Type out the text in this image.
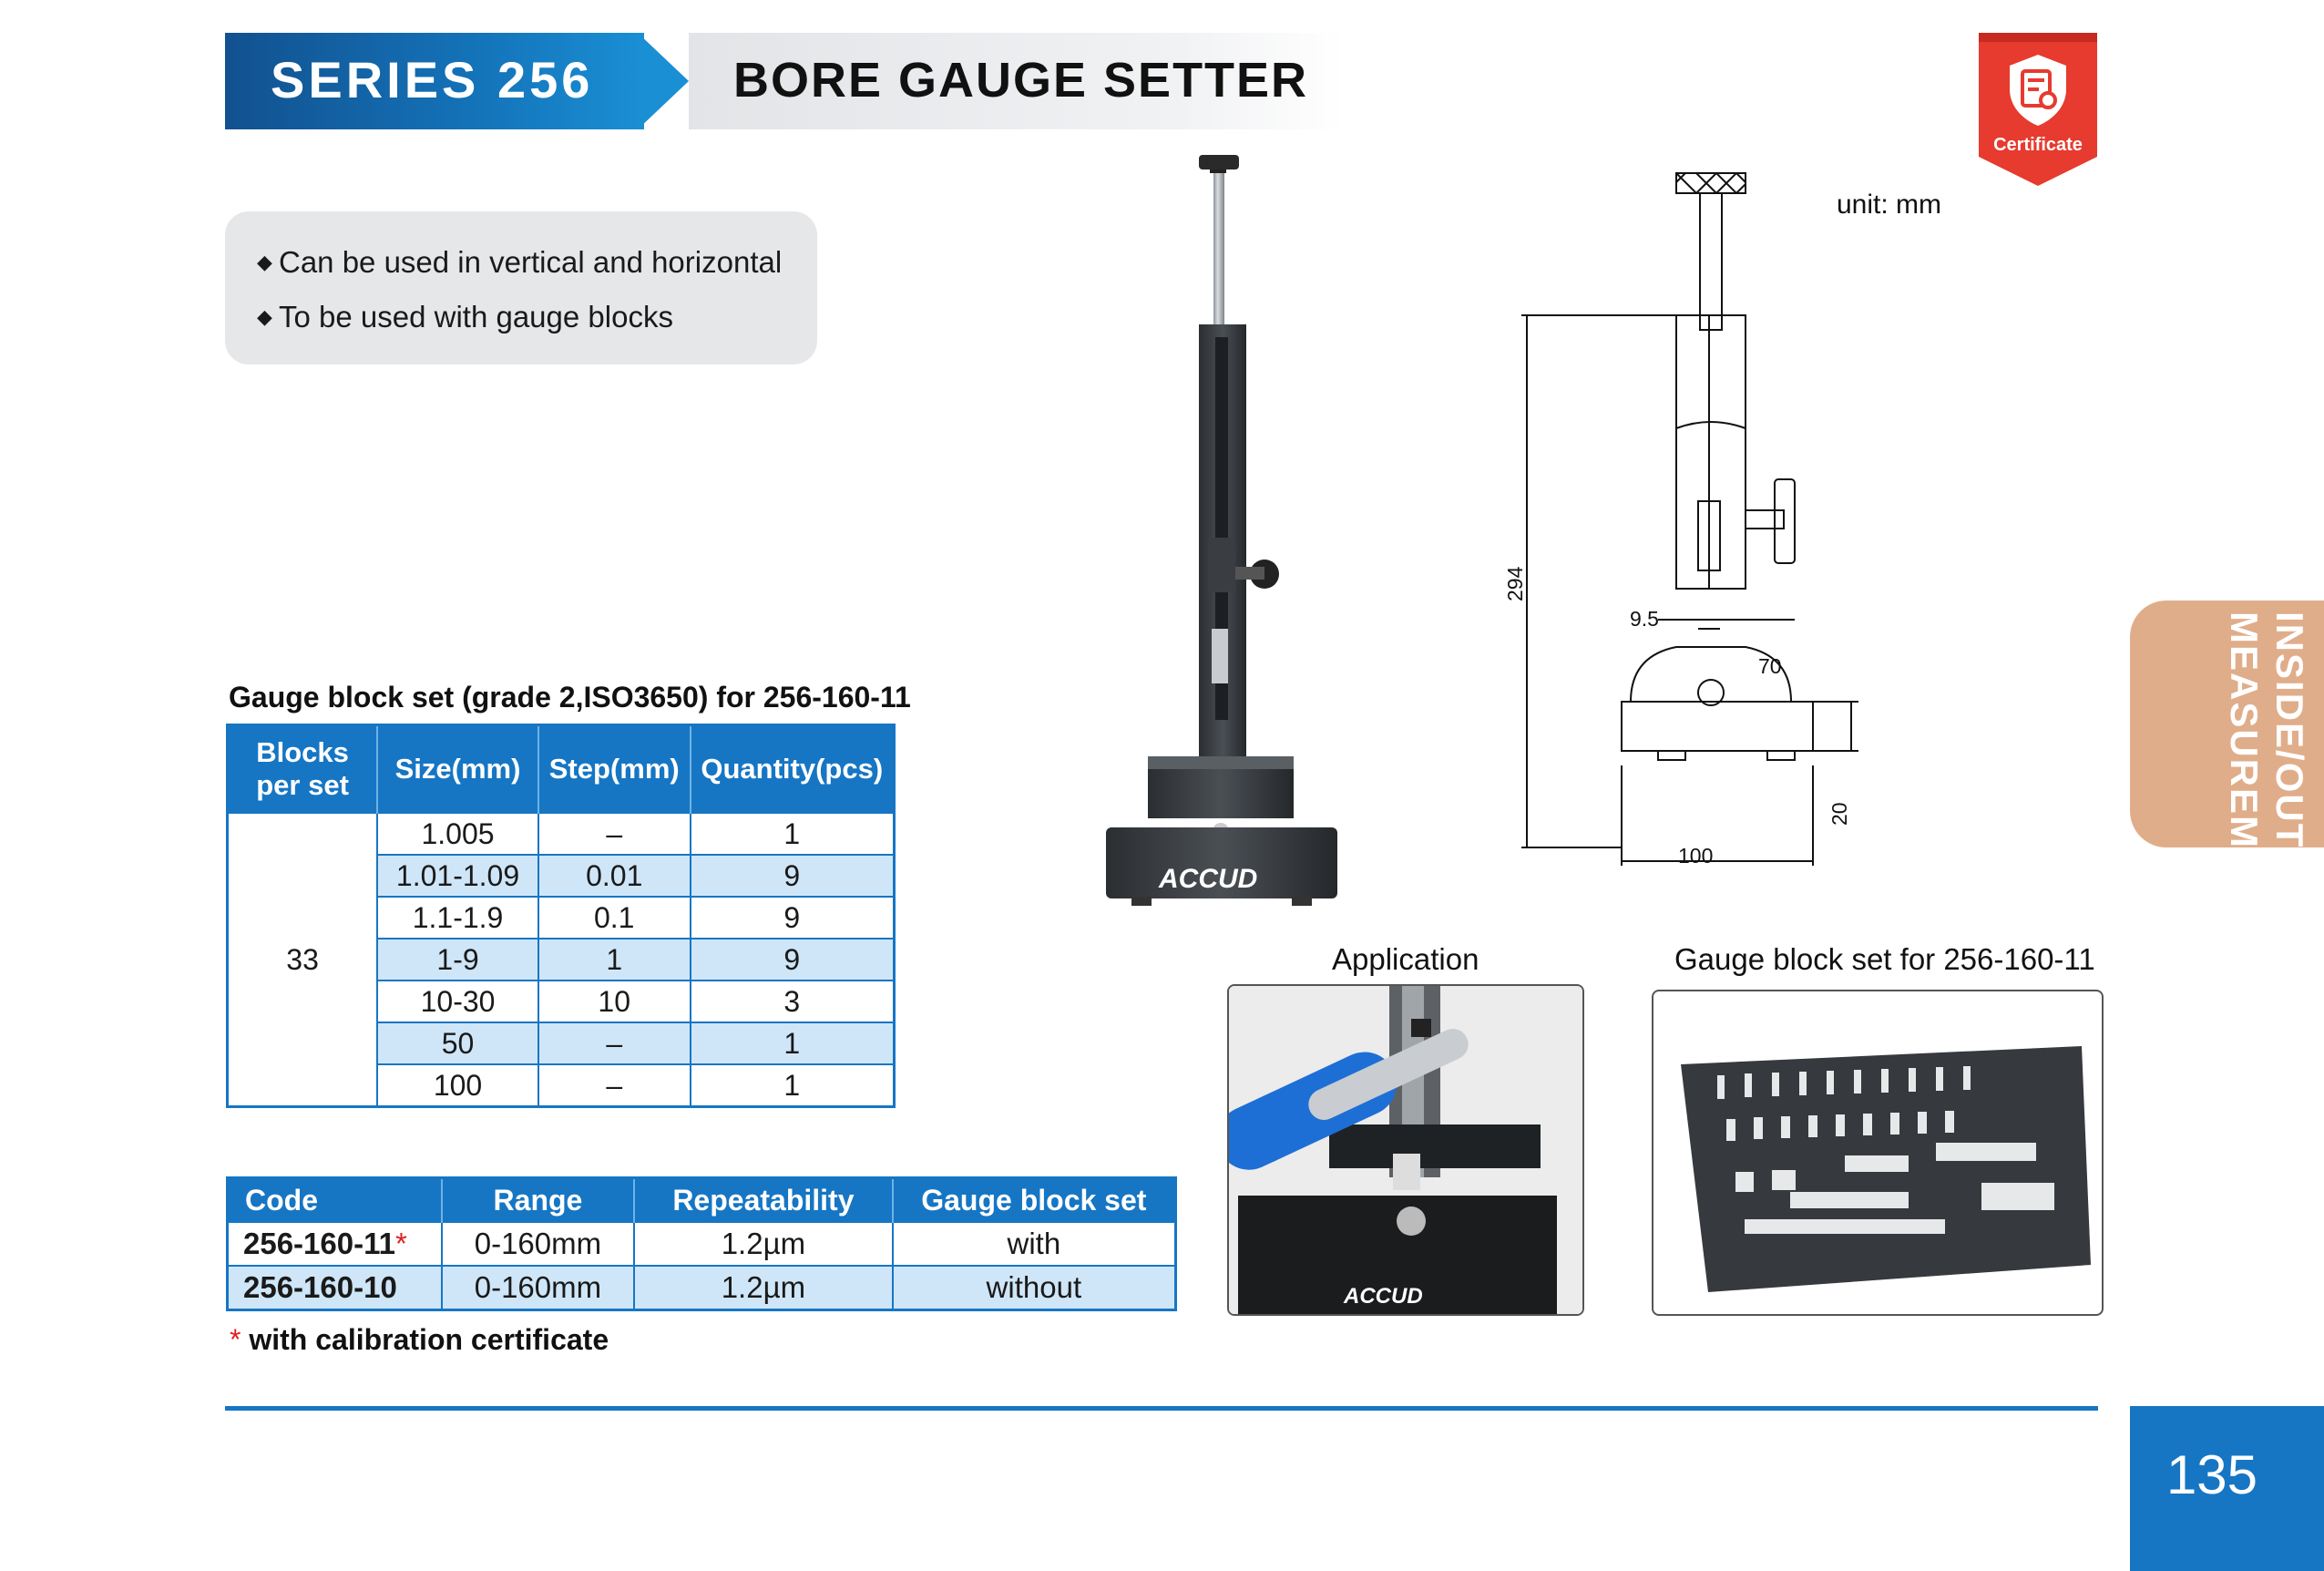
SERIES 256	BORE GAUGE SETTER
Certificate
◆ Can be used in vertical and horizontal
◆ To be used with gauge blocks
ACCUD
unit: mm
294
9.5
70
20
100
Gauge block set (grade 2,ISO3650) for 256-160-11
Blocks
per set	Size(mm)	Step(mm)	Quantity(pcs)
33	1.005	–	1
	1.01-1.09	0.01	9
	1.1-1.9	0.1	9
	1-9	1	9
	10-30	10	3
	50	–	1
	100	–	1
Code	Range	Repeatability	Gauge block set
256-160-11*	0-160mm	1.2µm	with
256-160-10	0-160mm	1.2µm	without
* with calibration certificate
Application
ACCUD
Gauge block set for 256-160-11
INSIDE/OUTSIDE
MEASUREMENT
135
